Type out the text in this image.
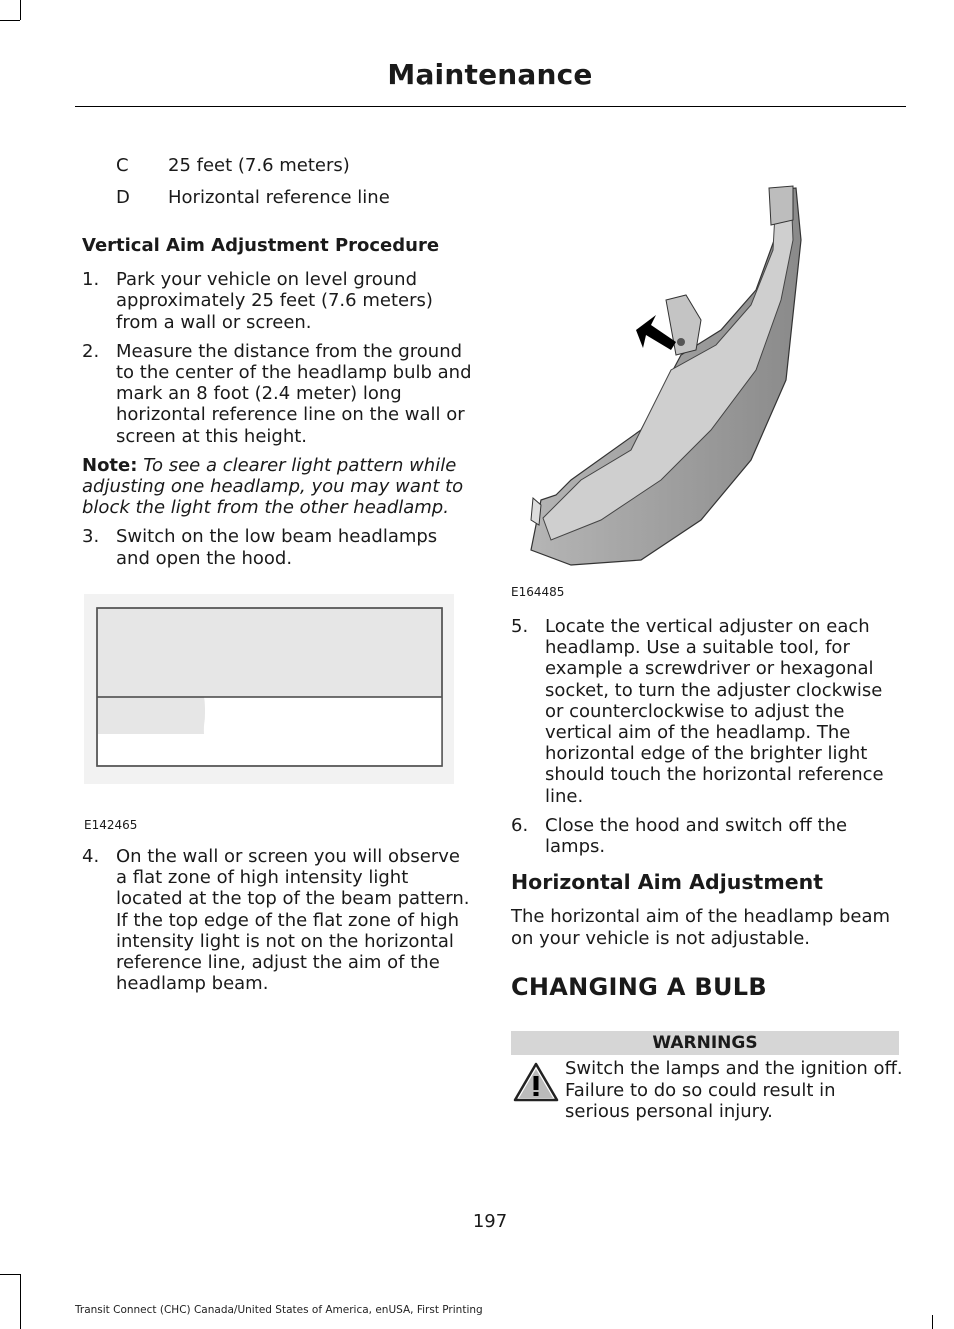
Maintenance
C 25 feet (7.6 meters)
D Horizontal reference line

Vertical Aim Adjustment Procedure

1. Park your vehicle on level ground approximately 25 feet (7.6 meters) from a wall or screen.
2. Measure the distance from the ground to the center of the headlamp bulb and mark an 8 foot (2.4 meter) long horizontal reference line on the wall or screen at this height.
Note: To see a clearer light pattern while adjusting one headlamp, you may want to block the light from the other headlamp.
3. Switch on the low beam headlamps and open the hood.
E142465
4. On the wall or screen you will observe a flat zone of high intensity light located at the top of the beam pattern. If the top edge of the flat zone of high intensity light is not on the horizontal reference line, adjust the aim of the headlamp beam.
E164485
5. Locate the vertical adjuster on each headlamp. Use a suitable tool, for example a screwdriver or hexagonal socket, to turn the adjuster clockwise or counterclockwise to adjust the vertical aim of the headlamp. The horizontal edge of the brighter light should touch the horizontal reference line.
6. Close the hood and switch off the lamps.

Horizontal Aim Adjustment

The horizontal aim of the headlamp beam on your vehicle is not adjustable.

CHANGING A BULB

WARNINGS
Switch the lamps and the ignition off. Failure to do so could result in serious personal injury.
197
Transit Connect (CHC) Canada/United States of America, enUSA, First Printing
